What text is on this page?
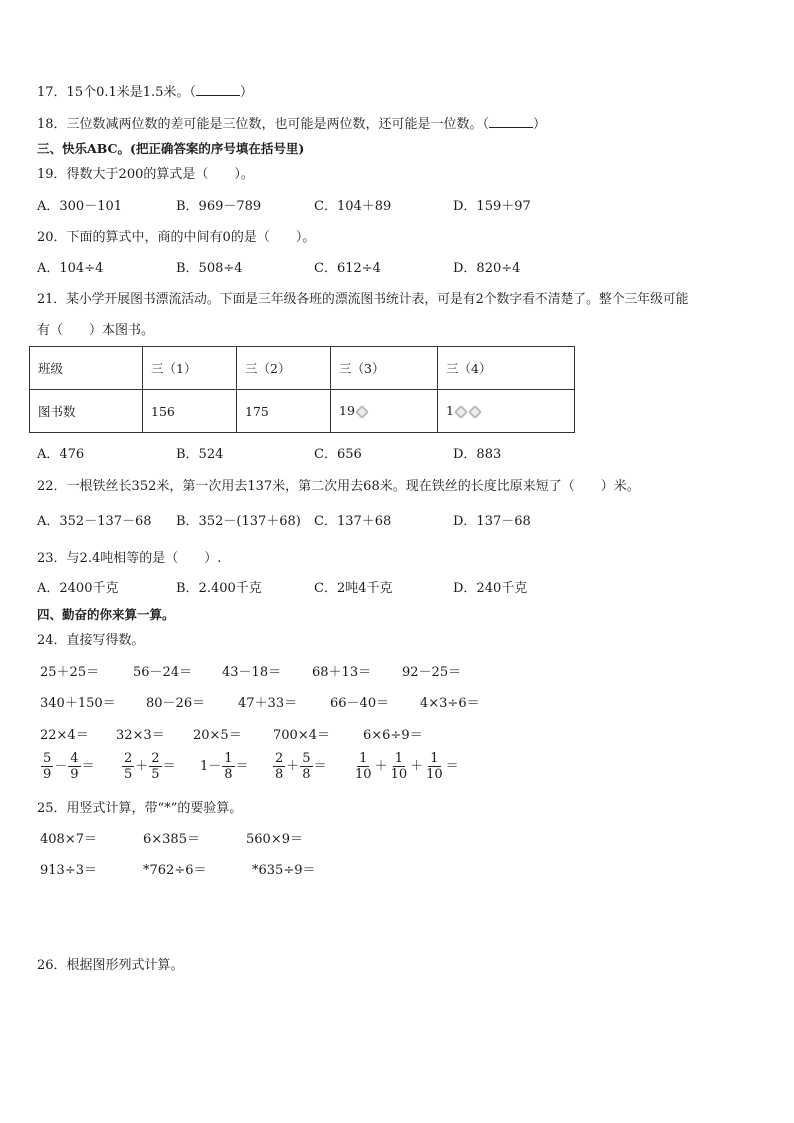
17．15个0.1米是1.5米。（	）
18．三位数减两位数的差可能是三位数，也可能是两位数，还可能是一位数。（	）
三、快乐ABC。(把正确答案的序号填在括号里)
19．得数大于200的算式是（　　）。
A．300－101	B．969－789	C．104＋89	D．159＋97
20．下面的算式中，商的中间有0的是（　　）。
A．104÷4	B．508÷4	C．612÷4	D．820÷4
21．某小学开展图书漂流活动。下面是三年级各班的漂流图书统计表，可是有2个数字看不清楚了。整个三年级可能
有（　　）本图书。
班级	三（1）	三（2）	三（3）	三（4）
图书数	156	175	19	1
A．476	B．524	C．656	D．883
22．一根铁丝长352米，第一次用去137米，第二次用去68米。现在铁丝的长度比原来短了（　　）米。
A．352－137－68 B．352－(137＋68) C．137＋68	D．137－68
23．与2.4吨相等的是（　　）.
A．2400千克	B．2.400千克	C．2吨4千克	D．240千克
四、勤奋的你来算一算。
24．直接写得数。
25＋25＝	56－24＝ 43－18＝ 68＋13＝ 92－25＝
340＋150＝ 80－26＝	47＋33＝	66－40＝ 4×3÷6＝
22×4＝ 32×3＝ 20×5＝ 700×4＝	6×6÷9＝
$\frac{5}{9} - \frac{4}{9} = \frac{2}{5} + \frac{2}{5} = 1- \frac{1}{8} = \frac{2}{8} + \frac{5}{8} = \frac{1}{10} + \frac{1}{10} + \frac{1}{10}$ ＝
25．用竖式计算，带“*”的要验算。
408×7＝	6×385＝	560×9＝
913÷3＝	*762÷6＝	*635÷9＝
26．根据图形列式计算。
